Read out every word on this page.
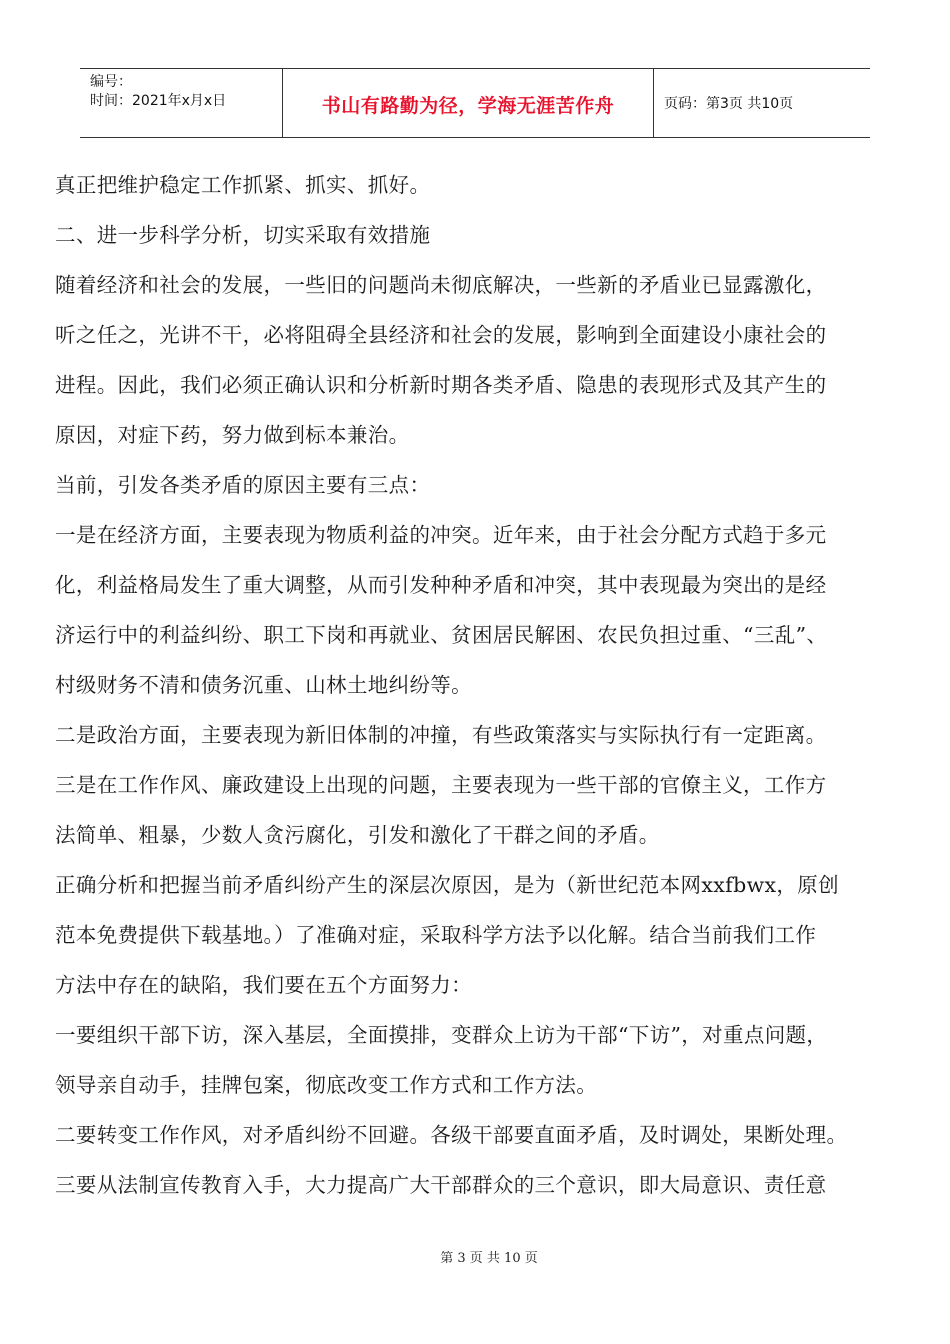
编号：
时间：2021年x月x日	书山有路勤为径，学海无涯苦作舟	页码：第3页 共10页

真正把维护稳定工作抓紧、抓实、抓好。

二、进一步科学分析，切实采取有效措施

随着经济和社会的发展，一些旧的问题尚未彻底解决，一些新的矛盾业已显露激化，

听之任之，光讲不干，必将阻碍全县经济和社会的发展，影响到全面建设小康社会的

进程。因此，我们必须正确认识和分析新时期各类矛盾、隐患的表现形式及其产生的

原因，对症下药，努力做到标本兼治。

当前，引发各类矛盾的原因主要有三点：

一是在经济方面，主要表现为物质利益的冲突。近年来，由于社会分配方式趋于多元

化，利益格局发生了重大调整，从而引发种种矛盾和冲突，其中表现最为突出的是经

济运行中的利益纠纷、职工下岗和再就业、贫困居民解困、农民负担过重、“三乱”、

村级财务不清和债务沉重、山林土地纠纷等。

二是政治方面，主要表现为新旧体制的冲撞，有些政策落实与实际执行有一定距离。

三是在工作作风、廉政建设上出现的问题，主要表现为一些干部的官僚主义，工作方

法简单、粗暴，少数人贪污腐化，引发和激化了干群之间的矛盾。

正确分析和把握当前矛盾纠纷产生的深层次原因，是为（新世纪范本网xxfbwx，原创

范本免费提供下载基地。）了准确对症，采取科学方法予以化解。结合当前我们工作

方法中存在的缺陷，我们要在五个方面努力：

一要组织干部下访，深入基层，全面摸排，变群众上访为干部“下访”，对重点问题，

领导亲自动手，挂牌包案，彻底改变工作方式和工作方法。

二要转变工作作风，对矛盾纠纷不回避。各级干部要直面矛盾，及时调处，果断处理。

三要从法制宣传教育入手，大力提高广大干部群众的三个意识，即大局意识、责任意

第 3 页 共 10 页
